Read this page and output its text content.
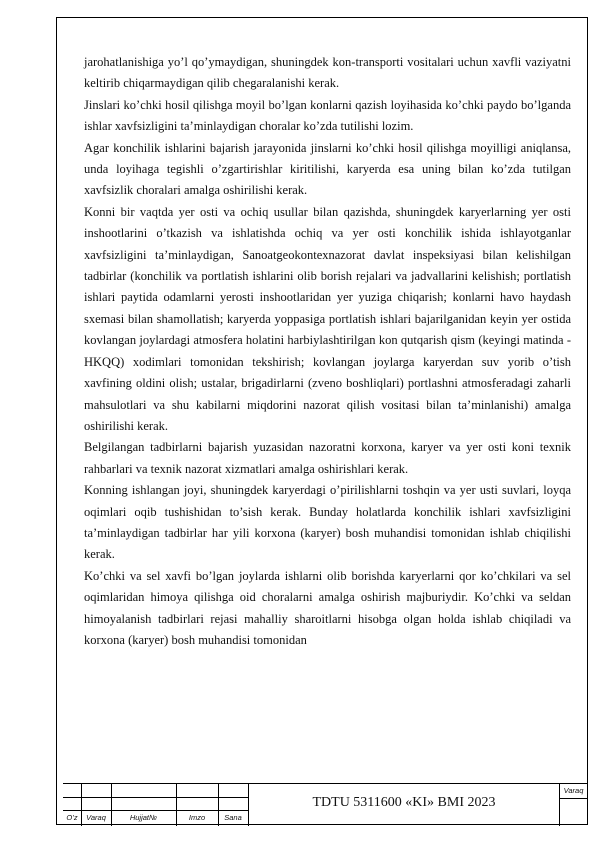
jarohatlanishiga yo’l qo’ymaydigan, shuningdek kon-transporti vositalari uchun xavfli vaziyatni keltirib chiqarmaydigan qilib chegaralanishi kerak.

Jinslari ko’chki hosil qilishga moyil bo’lgan konlarni qazish loyihasida ko’chki paydo bo’lganda ishlar xavfsizligini ta’minlaydigan choralar ko’zda tutilishi lozim.

Agar konchilik ishlarini bajarish jarayonida jinslarni ko’chki hosil qilishga moyilligi aniqlansa, unda loyihaga tegishli o’zgartirishlar kiritilishi, karyerda esa uning bilan ko’zda tutilgan xavfsizlik choralari amalga oshirilishi kerak.

Konni bir vaqtda yer osti va ochiq usullar bilan qazishda, shuningdek karyerlarning yer osti inshootlarini o’tkazish va ishlatishda ochiq va yer osti konchilik ishida ishlayotganlar xavfsizligini ta’minlaydigan, Sanoatgeokontexnazorat davlat inspeksiyasi bilan kelishilgan tadbirlar (konchilik va portlatish ishlarini olib borish rejalari va jadvallarini kelishish; portlatish ishlari paytida odamlarni yerosti inshootlaridan yer yuziga chiqarish; konlarni havo haydash sxemasi bilan shamollatish; karyerda yoppasiga portlatish ishlari bajarilganidan keyin yer ostida kovlangan joylardagi atmosfera holatini harbiylashtirilgan kon qutqarish qism (keyingi matinda - HKQQ) xodimlari tomonidan tekshirish; kovlangan joylarga karyerdan suv yorib o’tish xavfining oldini olish; ustalar, brigadirlarni (zveno boshliqlari) portlashni atmosferadagi zaharli mahsulotlari va shu kabilarni miqdorini nazorat qilish vositasi bilan ta’minlanishi) amalga oshirilishi kerak.

Belgilangan tadbirlarni bajarish yuzasidan nazoratni korxona, karyer va yer osti koni texnik rahbarlari va texnik nazorat xizmatlari amalga oshirishlari kerak.

Konning ishlangan joyi, shuningdek karyerdagi o’pirilishlarni toshqin va yer usti suvlari, loyqa oqimlari oqib tushishidan to’sish kerak. Bunday holatlarda konchilik ishlari xavfsizligini ta’minlaydigan tadbirlar har yili korxona (karyer) bosh muhandisi tomonidan ishlab chiqilishi kerak.

Ko’chki va sel xavfi bo’lgan joylarda ishlarni olib borishda karyerlarni qor ko’chkilari va sel oqimlaridan himoya qilishga oid choralarni amalga oshirish majburiydir. Ko’chki va seldan himoyalanish tadbirlari rejasi mahalliy sharoitlarni hisobga olgan holda ishlab chiqiladi va korxona (karyer) bosh muhandisi tomonidan

O’z	Varaq	Hujjat№	Imzo	Sana
TDTU 5311600 «KI» BMI 2023
Varaq
